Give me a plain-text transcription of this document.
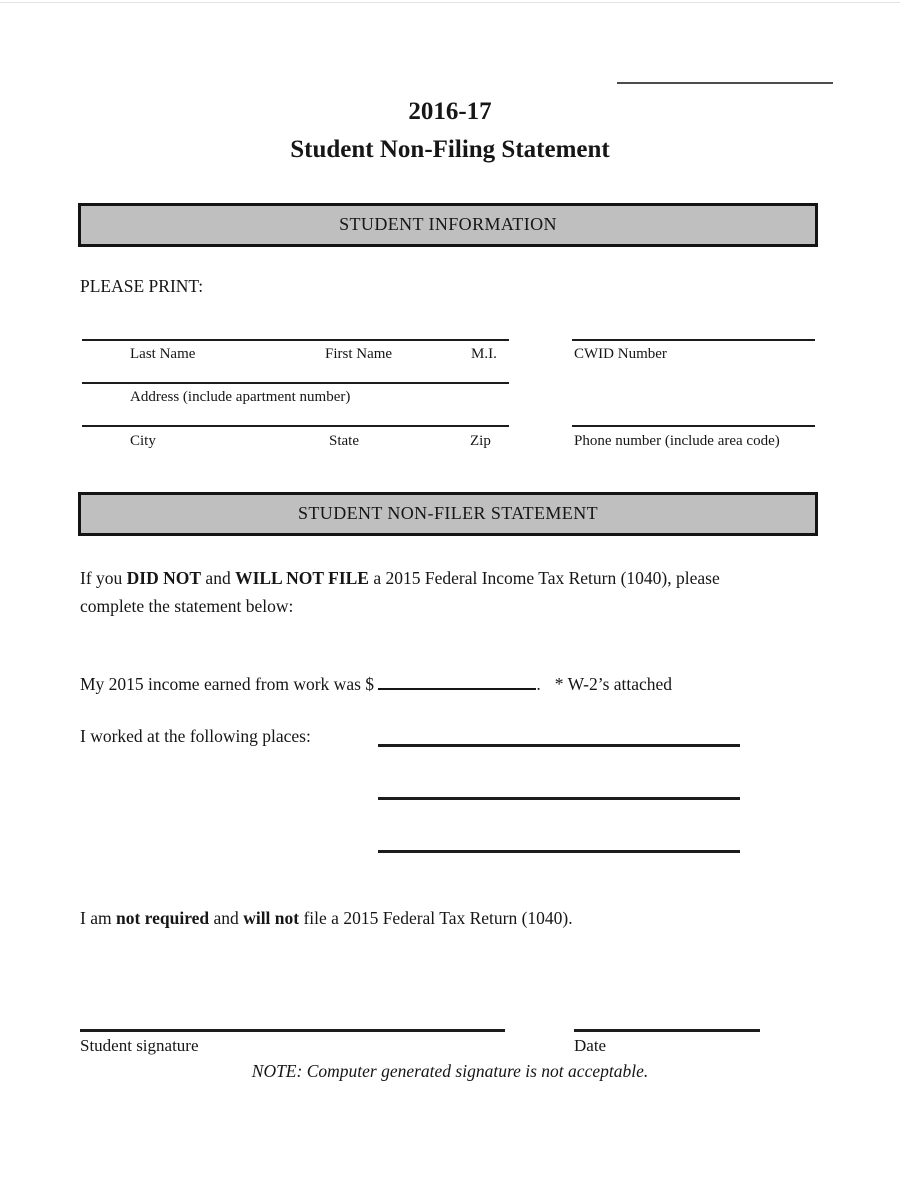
2016-17
Student Non-Filing Statement
STUDENT INFORMATION
PLEASE PRINT:
Last Name	First Name	M.I.	CWID Number
Address (include apartment number)
City	State	Zip	Phone number (include area code)
STUDENT NON-FILER STATEMENT
If you DID NOT and WILL NOT FILE a 2015 Federal Income Tax Return (1040), please complete the statement below:
My 2015 income earned from work was $	. * W-2’s attached
I worked at the following places:
I am not required and will not file a 2015 Federal Tax Return (1040).
Student signature	Date
NOTE: Computer generated signature is not acceptable.
